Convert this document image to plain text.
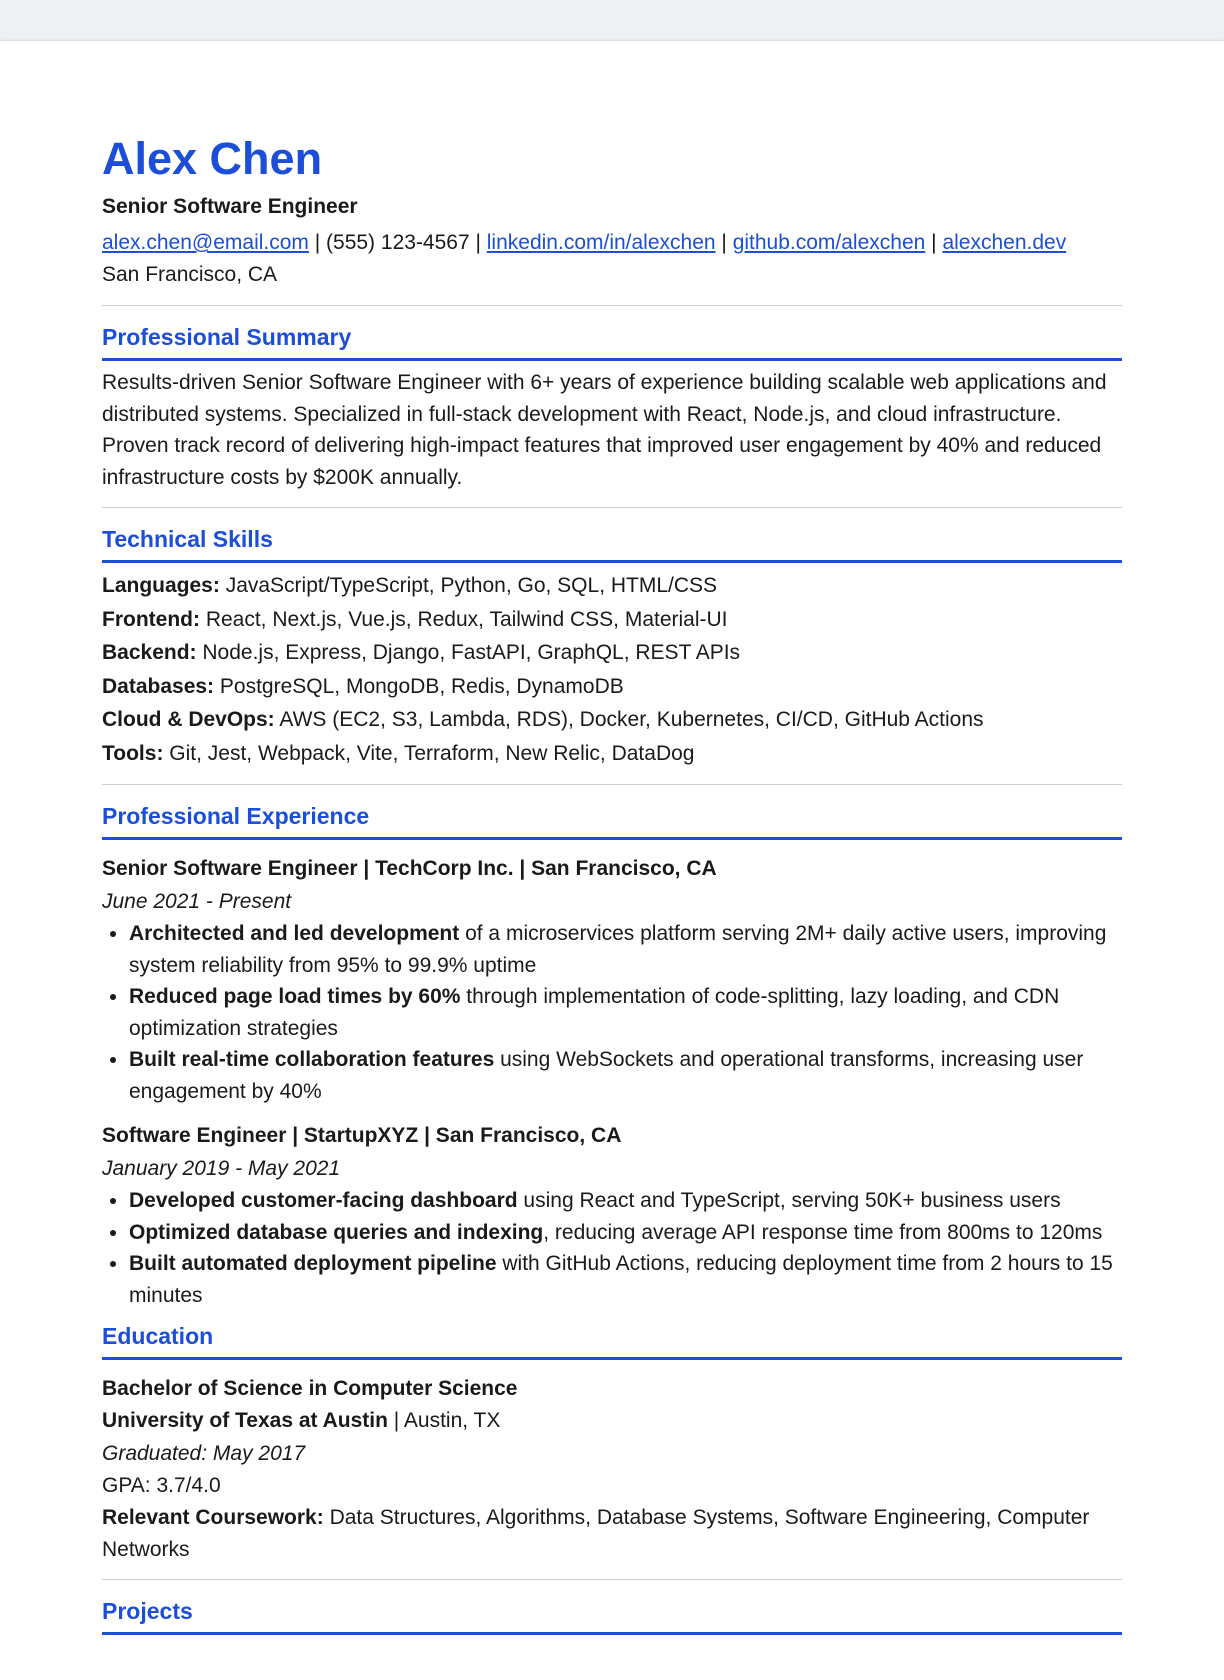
Alex Chen
Senior Software Engineer
alex.chen@email.com | (555) 123-4567 | linkedin.com/in/alexchen | github.com/alexchen | alexchen.dev
San Francisco, CA
Professional Summary
Results-driven Senior Software Engineer with 6+ years of experience building scalable web applications and distributed systems. Specialized in full-stack development with React, Node.js, and cloud infrastructure. Proven track record of delivering high-impact features that improved user engagement by 40% and reduced infrastructure costs by $200K annually.
Technical Skills
Languages: JavaScript/TypeScript, Python, Go, SQL, HTML/CSS
Frontend: React, Next.js, Vue.js, Redux, Tailwind CSS, Material-UI
Backend: Node.js, Express, Django, FastAPI, GraphQL, REST APIs
Databases: PostgreSQL, MongoDB, Redis, DynamoDB
Cloud & DevOps: AWS (EC2, S3, Lambda, RDS), Docker, Kubernetes, CI/CD, GitHub Actions
Tools: Git, Jest, Webpack, Vite, Terraform, New Relic, DataDog
Professional Experience
Senior Software Engineer | TechCorp Inc. | San Francisco, CA
June 2021 - Present
• Architected and led development of a microservices platform serving 2M+ daily active users, improving system reliability from 95% to 99.9% uptime
• Reduced page load times by 60% through implementation of code-splitting, lazy loading, and CDN optimization strategies
• Built real-time collaboration features using WebSockets and operational transforms, increasing user engagement by 40%
Software Engineer | StartupXYZ | San Francisco, CA
January 2019 - May 2021
• Developed customer-facing dashboard using React and TypeScript, serving 50K+ business users
• Optimized database queries and indexing, reducing average API response time from 800ms to 120ms
• Built automated deployment pipeline with GitHub Actions, reducing deployment time from 2 hours to 15 minutes
Education
Bachelor of Science in Computer Science
University of Texas at Austin | Austin, TX
Graduated: May 2017
GPA: 3.7/4.0
Relevant Coursework: Data Structures, Algorithms, Database Systems, Software Engineering, Computer Networks
Projects
